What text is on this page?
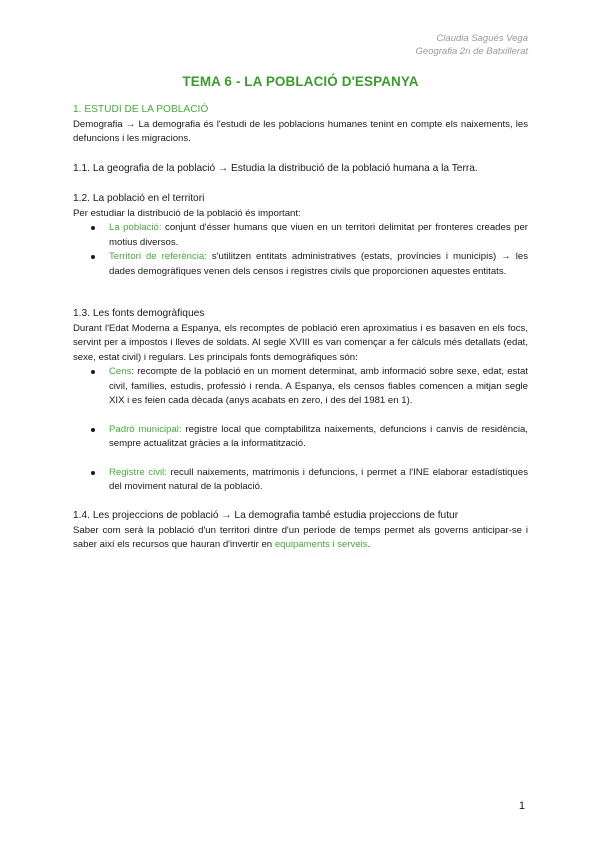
Claudia Sagués Vega
Geografia 2n de Batxillerat
TEMA 6 - LA POBLACIÓ D'ESPANYA
1. ESTUDI DE LA POBLACIÓ
Demografia → La demografia és l'estudi de les poblacions humanes tenint en compte els naixements, les defuncions i les migracions.
1.1. La geografia de la població → Estudia la distribució de la població humana a la Terra.
1.2. La població en el territori
Per estudiar la distribució de la població és important:
La població: conjunt d'ésser humans que viuen en un territori delimitat per fronteres creades per motius diversos.
Territori de referència: s'utilitzen entitats administratives (estats, províncies i municipis) → les dades demogràfiques venen dels censos i registres civils que proporcionen aquestes entitats.
1.3. Les fonts demogràfiques
Durant l'Edat Moderna a Espanya, els recomptes de població eren aproximatius i es basaven en els focs, servint per a impostos i lleves de soldats. Al segle XVIII es van començar a fer càlculs més detallats (edat, sexe, estat civil) i regulars. Les principals fonts demogràfiques són:
Cens: recompte de la població en un moment determinat, amb informació sobre sexe, edat, estat civil, famílies, estudis, professió i renda. A Espanya, els censos fiables comencen a mitjan segle XIX i es feien cada dècada (anys acabats en zero, i des del 1981 en 1).
Padró municipal: registre local que comptabilitza naixements, defuncions i canvis de residència, sempre actualitzat gràcies a la informatització.
Registre civil: recull naixements, matrimonis i defuncions, i permet a l'INE elaborar estadístiques del moviment natural de la població.
1.4. Les projeccions de població → La demografia també estudia projeccions de futur
Saber com serà la població d'un territori dintre d'un període de temps permet als governs anticipar-se i saber així els recursos que hauran d'invertir en equipaments i serveis.
1
